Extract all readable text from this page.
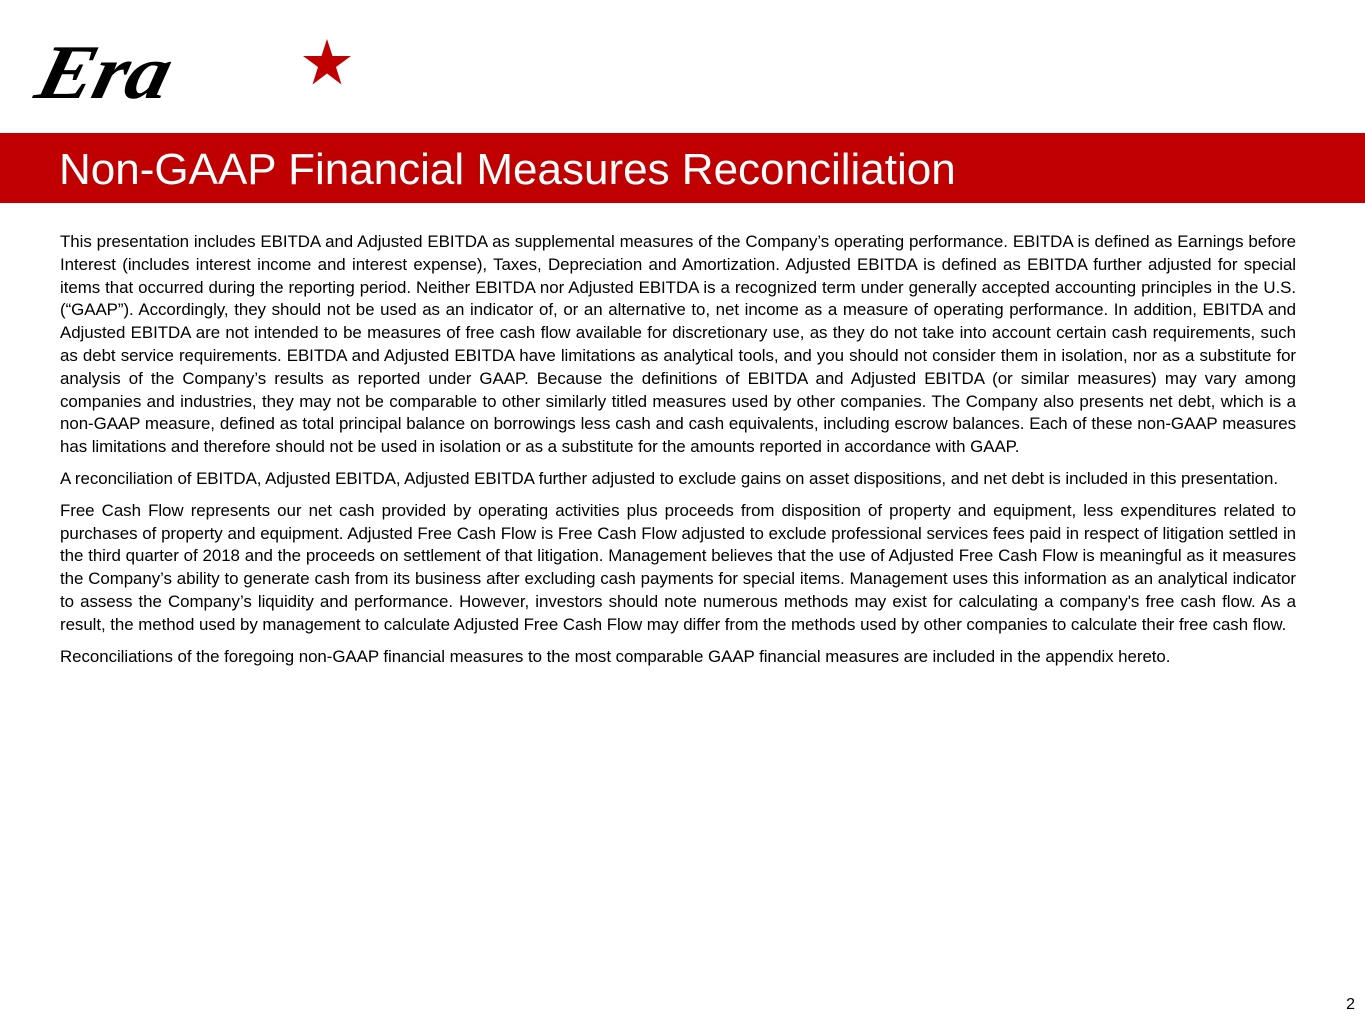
Era
Non-GAAP Financial Measures Reconciliation

This presentation includes EBITDA and Adjusted EBITDA as supplemental measures of the Company’s operating performance. EBITDA is defined as Earnings before Interest (includes interest income and interest expense), Taxes, Depreciation and Amortization. Adjusted EBITDA is defined as EBITDA further adjusted for special items that occurred during the reporting period. Neither EBITDA nor Adjusted EBITDA is a recognized term under generally accepted accounting principles in the U.S. (“GAAP”). Accordingly, they should not be used as an indicator of, or an alternative to, net income as a measure of operating performance. In addition, EBITDA and Adjusted EBITDA are not intended to be measures of free cash flow available for discretionary use, as they do not take into account certain cash requirements, such as debt service requirements. EBITDA and Adjusted EBITDA have limitations as analytical tools, and you should not consider them in isolation, nor as a substitute for analysis of the Company’s results as reported under GAAP. Because the definitions of EBITDA and Adjusted EBITDA (or similar measures) may vary among companies and industries, they may not be comparable to other similarly titled measures used by other companies. The Company also presents net debt, which is a non-GAAP measure, defined as total principal balance on borrowings less cash and cash equivalents, including escrow balances. Each of these non-GAAP measures has limitations and therefore should not be used in isolation or as a substitute for the amounts reported in accordance with GAAP.

A reconciliation of EBITDA, Adjusted EBITDA, Adjusted EBITDA further adjusted to exclude gains on asset dispositions, and net debt is included in this presentation.

Free Cash Flow represents our net cash provided by operating activities plus proceeds from disposition of property and equipment, less expenditures related to purchases of property and equipment. Adjusted Free Cash Flow is Free Cash Flow adjusted to exclude professional services fees paid in respect of litigation settled in the third quarter of 2018 and the proceeds on settlement of that litigation. Management believes that the use of Adjusted Free Cash Flow is meaningful as it measures the Company’s ability to generate cash from its business after excluding cash payments for special items. Management uses this information as an analytical indicator to assess the Company’s liquidity and performance. However, investors should note numerous methods may exist for calculating a company's free cash flow. As a result, the method used by management to calculate Adjusted Free Cash Flow may differ from the methods used by other companies to calculate their free cash flow.

Reconciliations of the foregoing non-GAAP financial measures to the most comparable GAAP financial measures are included in the appendix hereto.

2
